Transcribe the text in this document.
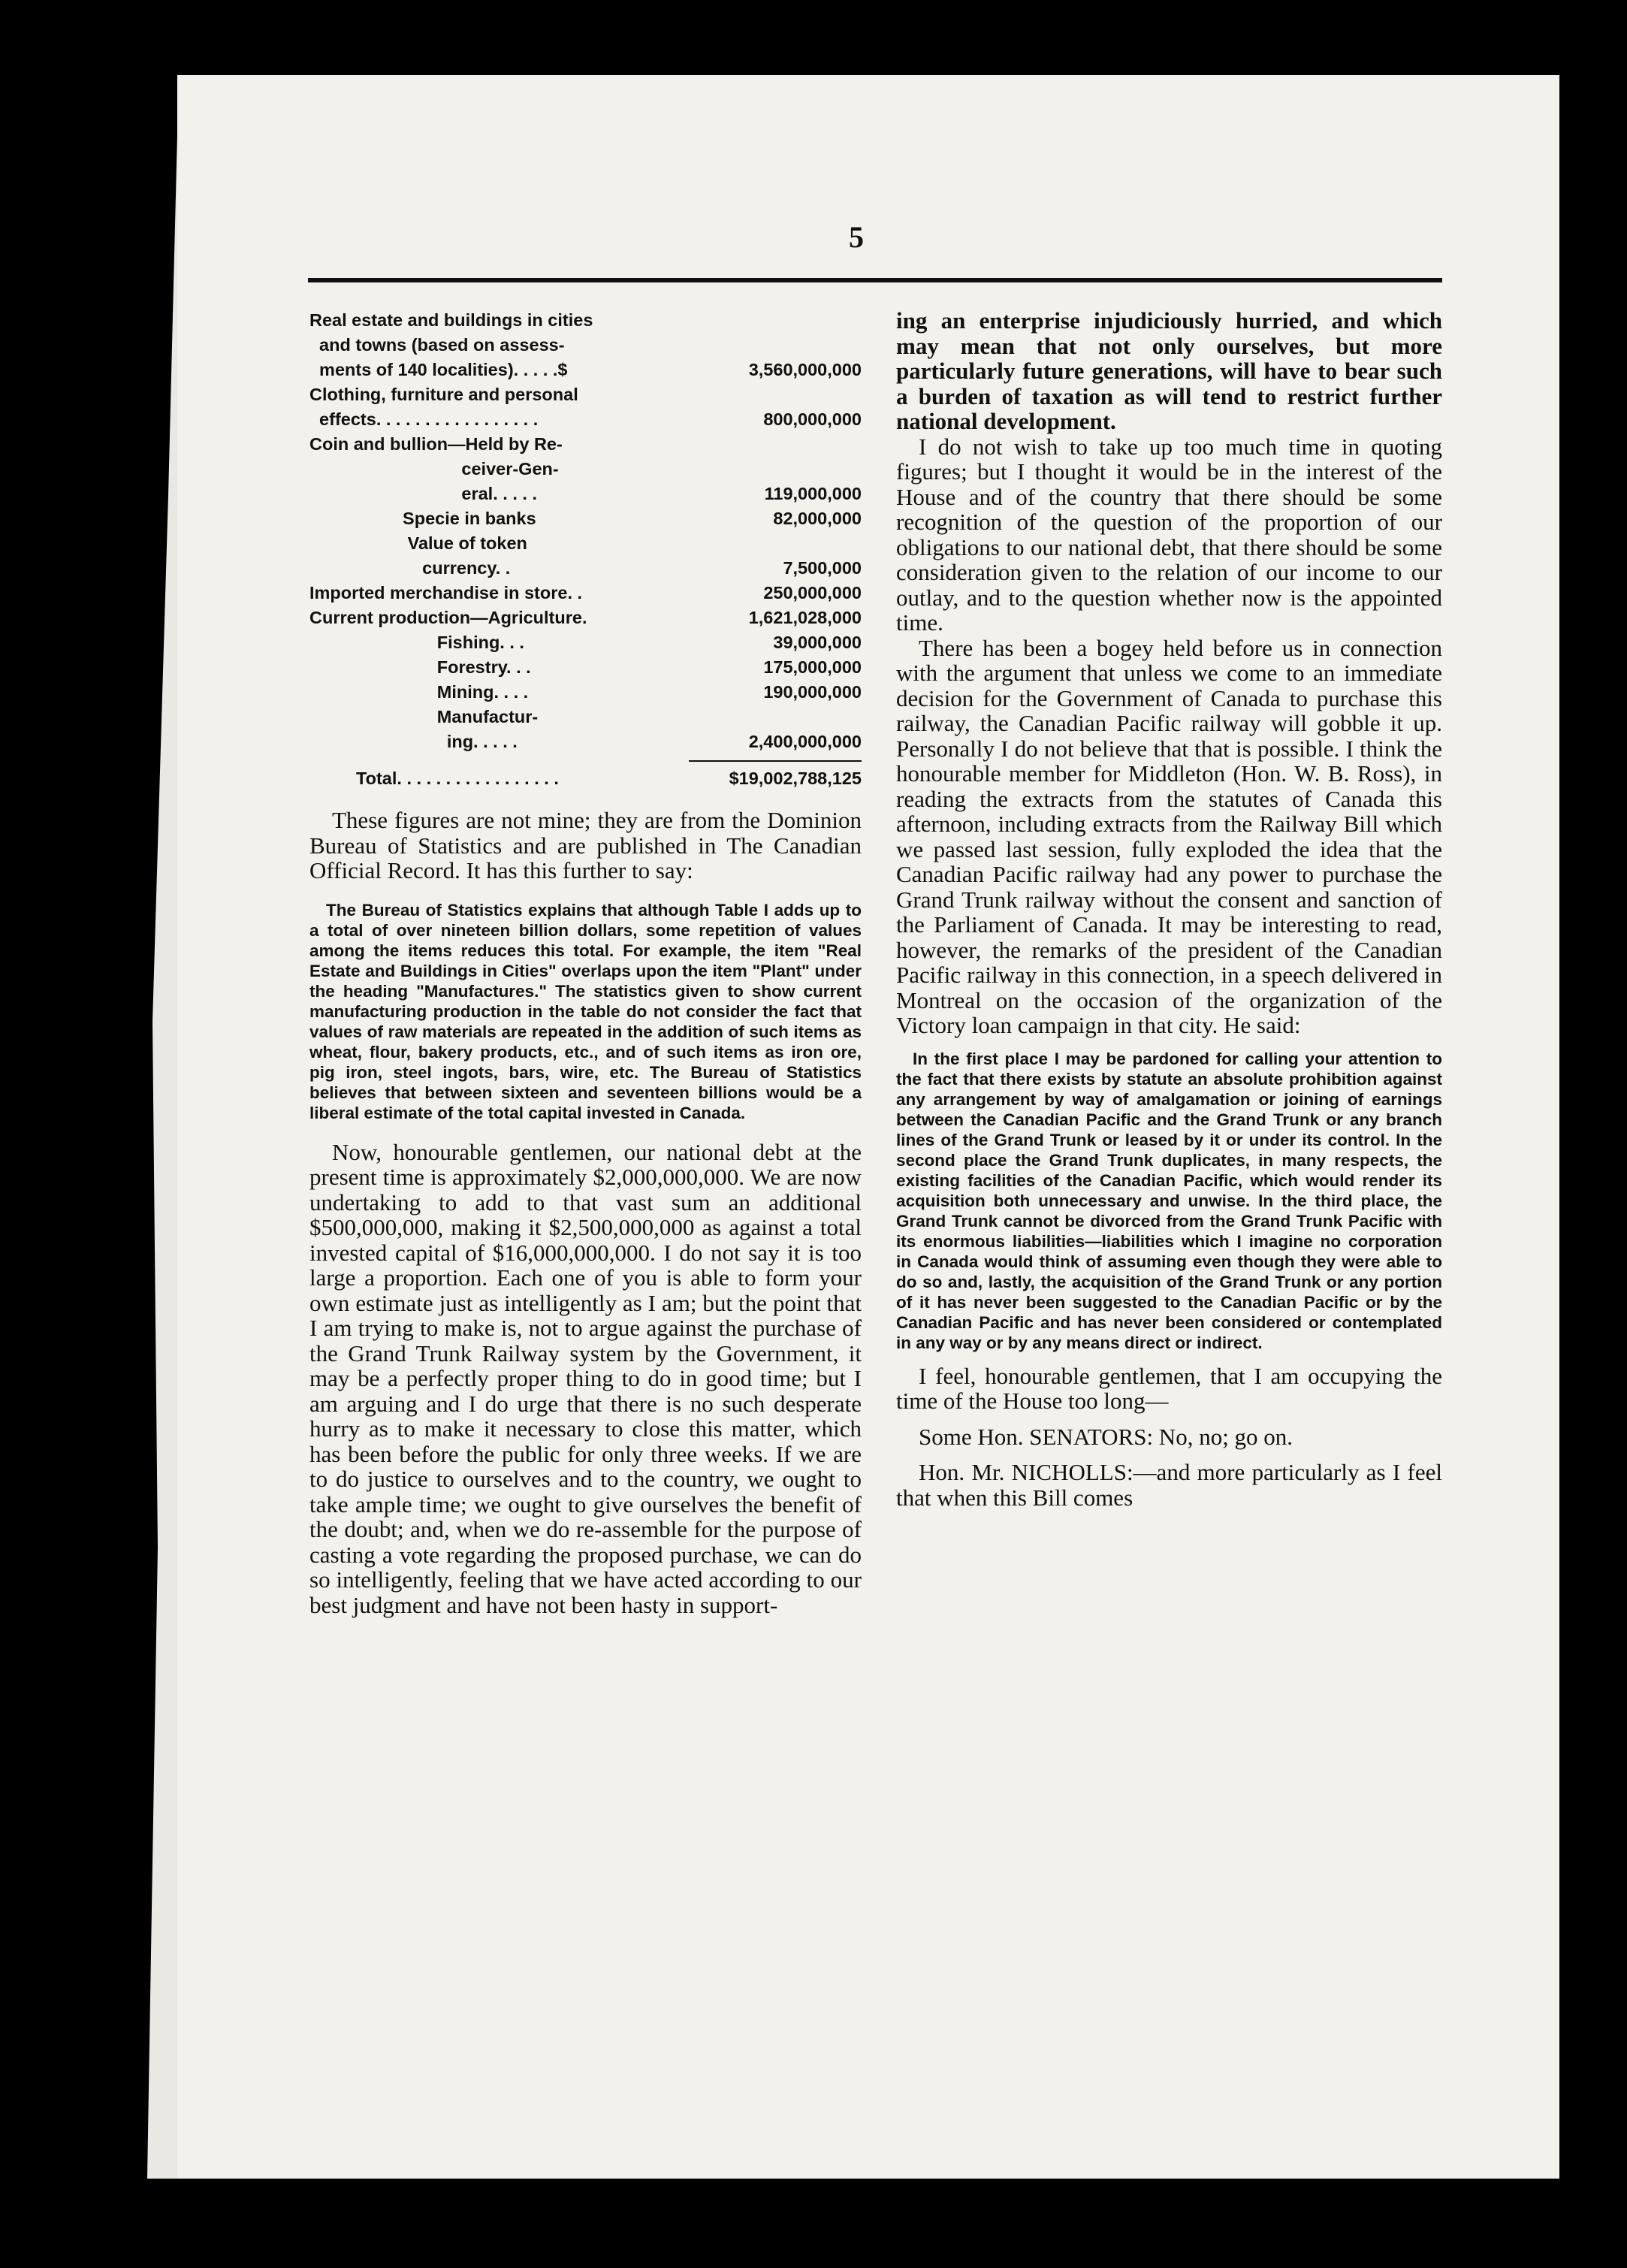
5
Real estate and buildings in cities
and towns (based on assess-
ments of 140 localities). . . . .$	3,560,000,000
Clothing, furniture and personal
effects. . . . . . . . . . . . . . . . .	800,000,000
Coin and bullion—Held by Re-
ceiver-Gen-
eral. . . . .	119,000,000
Specie in banks	82,000,000
Value of token
currency. .	7,500,000
Imported merchandise in store. .	250,000,000
Current production—Agriculture.	1,621,028,000
Fishing. . .	39,000,000
Forestry. . .	175,000,000
Mining. . . .	190,000,000
Manufactur-
ing. . . . .	2,400,000,000
Total. . . . . . . . . . . . . . . . .	$19,002,788,125

These figures are not mine; they are from the Dominion Bureau of Statistics and are published in The Canadian Official Record. It has this further to say:

The Bureau of Statistics explains that although Table I adds up to a total of over nineteen billion dollars, some repetition of values among the items reduces this total. For example, the item "Real Estate and Buildings in Cities" overlaps upon the item "Plant" under the heading "Manufactures." The statistics given to show current manufacturing production in the table do not consider the fact that values of raw materials are repeated in the addition of such items as wheat, flour, bakery products, etc., and of such items as iron ore, pig iron, steel ingots, bars, wire, etc. The Bureau of Statistics believes that between sixteen and seventeen billions would be a liberal estimate of the total capital invested in Canada.

Now, honourable gentlemen, our national debt at the present time is approximately $2,000,000,000. We are now undertaking to add to that vast sum an additional $500,000,000, making it $2,500,000,000 as against a total invested capital of $16,000,000,000. I do not say it is too large a proportion. Each one of you is able to form your own estimate just as intelligently as I am; but the point that I am trying to make is, not to argue against the purchase of the Grand Trunk Railway system by the Government, it may be a perfectly proper thing to do in good time; but I am arguing and I do urge that there is no such desperate hurry as to make it necessary to close this matter, which has been before the public for only three weeks. If we are to do justice to ourselves and to the country, we ought to take ample time; we ought to give ourselves the benefit of the doubt; and, when we do re-assemble for the purpose of casting a vote regarding the proposed purchase, we can do so intelligently, feeling that we have acted according to our best judgment and have not been hasty in support-

ing an enterprise injudiciously hurried, and which may mean that not only ourselves, but more particularly future generations, will have to bear such a burden of taxation as will tend to restrict further national development.

I do not wish to take up too much time in quoting figures; but I thought it would be in the interest of the House and of the country that there should be some recognition of the question of the proportion of our obligations to our national debt, that there should be some consideration given to the relation of our income to our outlay, and to the question whether now is the appointed time.

There has been a bogey held before us in connection with the argument that unless we come to an immediate decision for the Government of Canada to purchase this railway, the Canadian Pacific railway will gobble it up. Personally I do not believe that that is possible. I think the honourable member for Middleton (Hon. W. B. Ross), in reading the extracts from the statutes of Canada this afternoon, including extracts from the Railway Bill which we passed last session, fully exploded the idea that the Canadian Pacific railway had any power to purchase the Grand Trunk railway without the consent and sanction of the Parliament of Canada. It may be interesting to read, however, the remarks of the president of the Canadian Pacific railway in this connection, in a speech delivered in Montreal on the occasion of the organization of the Victory loan campaign in that city. He said:

In the first place I may be pardoned for calling your attention to the fact that there exists by statute an absolute prohibition against any arrangement by way of amalgamation or joining of earnings between the Canadian Pacific and the Grand Trunk or any branch lines of the Grand Trunk or leased by it or under its control. In the second place the Grand Trunk duplicates, in many respects, the existing facilities of the Canadian Pacific, which would render its acquisition both unnecessary and unwise. In the third place, the Grand Trunk cannot be divorced from the Grand Trunk Pacific with its enormous liabilities—liabilities which I imagine no corporation in Canada would think of assuming even though they were able to do so and, lastly, the acquisition of the Grand Trunk or any portion of it has never been suggested to the Canadian Pacific or by the Canadian Pacific and has never been considered or contemplated in any way or by any means direct or indirect.

I feel, honourable gentlemen, that I am occupying the time of the House too long—

Some Hon. SENATORS: No, no; go on.

Hon. Mr. NICHOLLS:—and more particularly as I feel that when this Bill comes
